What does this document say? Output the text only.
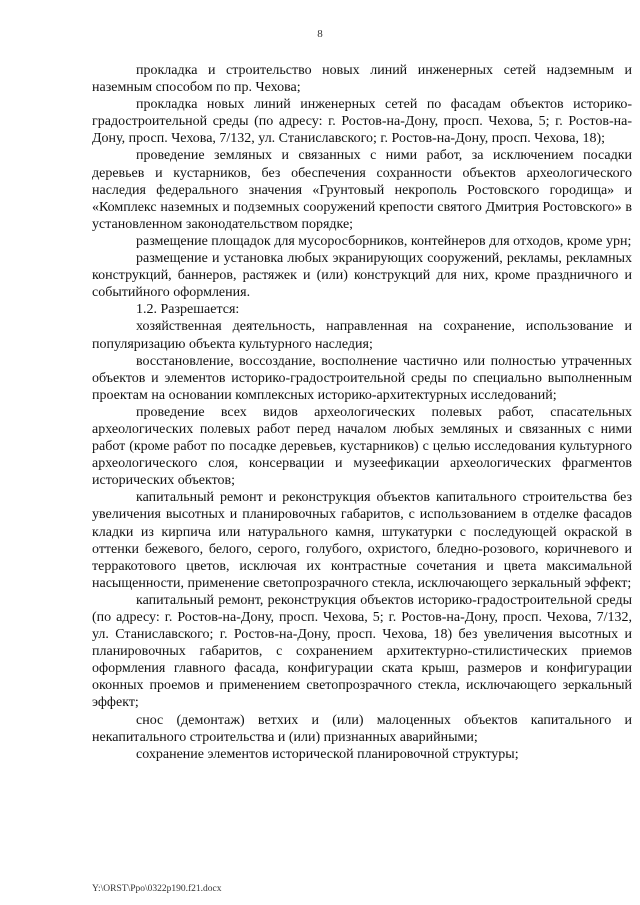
8

прокладка и строительство новых линий инженерных сетей надземным и наземным способом по пр. Чехова;

прокладка новых линий инженерных сетей по фасадам объектов историко-градостроительной среды (по адресу: г. Ростов-на-Дону, просп. Чехова, 5; г. Ростов-на-Дону, просп. Чехова, 7/132, ул. Станиславского; г. Ростов-на-Дону, просп. Чехова, 18);

проведение земляных и связанных с ними работ, за исключением посадки деревьев и кустарников, без обеспечения сохранности объектов археологического наследия федерального значения «Грунтовый некрополь Ростовского городища» и «Комплекс наземных и подземных сооружений крепости святого Дмитрия Ростовского» в установленном законодательством порядке;

размещение площадок для мусоросборников, контейнеров для отходов, кроме урн;

размещение и установка любых экранирующих сооружений, рекламы, рекламных конструкций, баннеров, растяжек и (или) конструкций для них, кроме праздничного и событийного оформления.

1.2. Разрешается:

хозяйственная деятельность, направленная на сохранение, использование и популяризацию объекта культурного наследия;

восстановление, воссоздание, восполнение частично или полностью утраченных объектов и элементов историко-градостроительной среды по специально выполненным проектам на основании комплексных историко-архитектурных исследований;

проведение всех видов археологических полевых работ, спасательных археологических полевых работ перед началом любых земляных и связанных с ними работ (кроме работ по посадке деревьев, кустарников) с целью исследования культурного археологического слоя, консервации и музеефикации археологических фрагментов исторических объектов;

капитальный ремонт и реконструкция объектов капитального строительства без увеличения высотных и планировочных габаритов, с использованием в отделке фасадов кладки из кирпича или натурального камня, штукатурки с последующей окраской в оттенки бежевого, белого, серого, голубого, охристого, бледно-розового, коричневого и терракотового цветов, исключая их контрастные сочетания и цвета максимальной насыщенности, применение светопрозрачного стекла, исключающего зеркальный эффект;

капитальный ремонт, реконструкция объектов историко-градостроительной среды (по адресу: г. Ростов-на-Дону, просп. Чехова, 5; г. Ростов-на-Дону, просп. Чехова, 7/132, ул. Станиславского; г. Ростов-на-Дону, просп. Чехова, 18) без увеличения высотных и планировочных габаритов, с сохранением архитектурно-стилистических приемов оформления главного фасада, конфигурации ската крыш, размеров и конфигурации оконных проемов и применением светопрозрачного стекла, исключающего зеркальный эффект;

снос (демонтаж) ветхих и (или) малоценных объектов капитального и некапитального строительства и (или) признанных аварийными;

сохранение элементов исторической планировочной структуры;

Y:\ORST\Ppo\0322p190.f21.docx
